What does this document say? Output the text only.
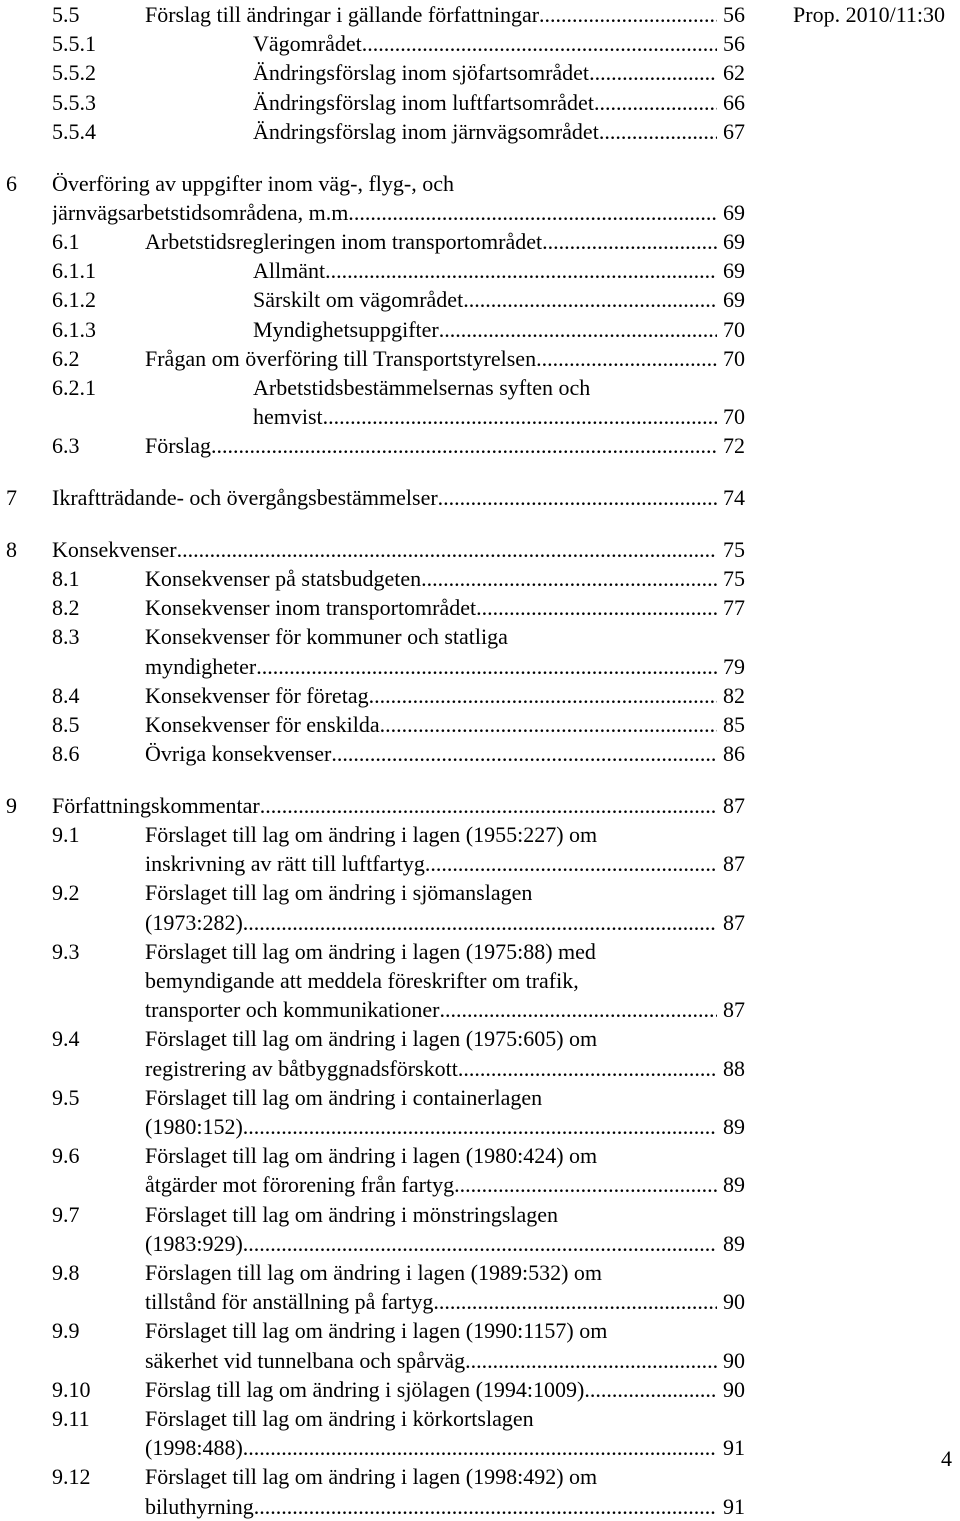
Prop. 2010/11:30
5.5	Förslag till ändringar i gällande författningar .....	56
5.5.1	Vägområdet .....	56
5.5.2	Ändringsförslag inom sjöfartsområdet .....	62
5.5.3	Ändringsförslag inom luftfartsområdet .....	66
5.5.4	Ändringsförslag inom järnvägsområdet .....	67
6 Överföring av uppgifter inom väg-, flyg-, och
järnvägsarbetstidsområdena, m.m. .....	69
6.1	Arbetstidsregleringen inom transportområdet .....	69
6.1.1	Allmänt .....	69
6.1.2	Särskilt om vägområdet .....	69
6.1.3	Myndighetsuppgifter .....	70
6.2	Frågan om överföring till Transportstyrelsen .....	70
6.2.1	Arbetstidsbestämmelsernas syften och
hemvist .....	70
6.3	Förslag .....	72
7 Ikraftträdande- och övergångsbestämmelser .....	74
8 Konsekvenser .....	75
8.1	Konsekvenser på statsbudgeten .....	75
8.2	Konsekvenser inom transportområdet .....	77
8.3	Konsekvenser för kommuner och statliga
myndigheter .....	79
8.4	Konsekvenser för företag .....	82
8.5	Konsekvenser för enskilda .....	85
8.6	Övriga konsekvenser .....	86
9 Författningskommentar .....	87
9.1	Förslaget till lag om ändring i lagen (1955:227) om
inskrivning av rätt till luftfartyg .....	87
9.2	Förslaget till lag om ändring i sjömanslagen
(1973:282) .....	87
9.3	Förslaget till lag om ändring i lagen (1975:88) med
bemyndigande att meddela föreskrifter om trafik,
transporter och kommunikationer .....	87
9.4	Förslaget till lag om ändring i lagen (1975:605) om
registrering av båtbyggnadsförskott .....	88
9.5	Förslaget till lag om ändring i containerlagen
(1980:152) .....	89
9.6	Förslaget till lag om ändring i lagen (1980:424) om
åtgärder mot förorening från fartyg .....	89
9.7	Förslaget till lag om ändring i mönstringslagen
(1983:929) .....	89
9.8	Förslagen till lag om ändring i lagen (1989:532) om
tillstånd för anställning på fartyg .....	90
9.9	Förslaget till lag om ändring i lagen (1990:1157) om
säkerhet vid tunnelbana och spårväg .....	90
9.10 Förslag till lag om ändring i sjölagen (1994:1009) .....	90
9.11	Förslaget till lag om ändring i körkortslagen
(1998:488) .....	91
9.12 Förslaget till lag om ändring i lagen (1998:492) om
biluthyrning .....	91
4
